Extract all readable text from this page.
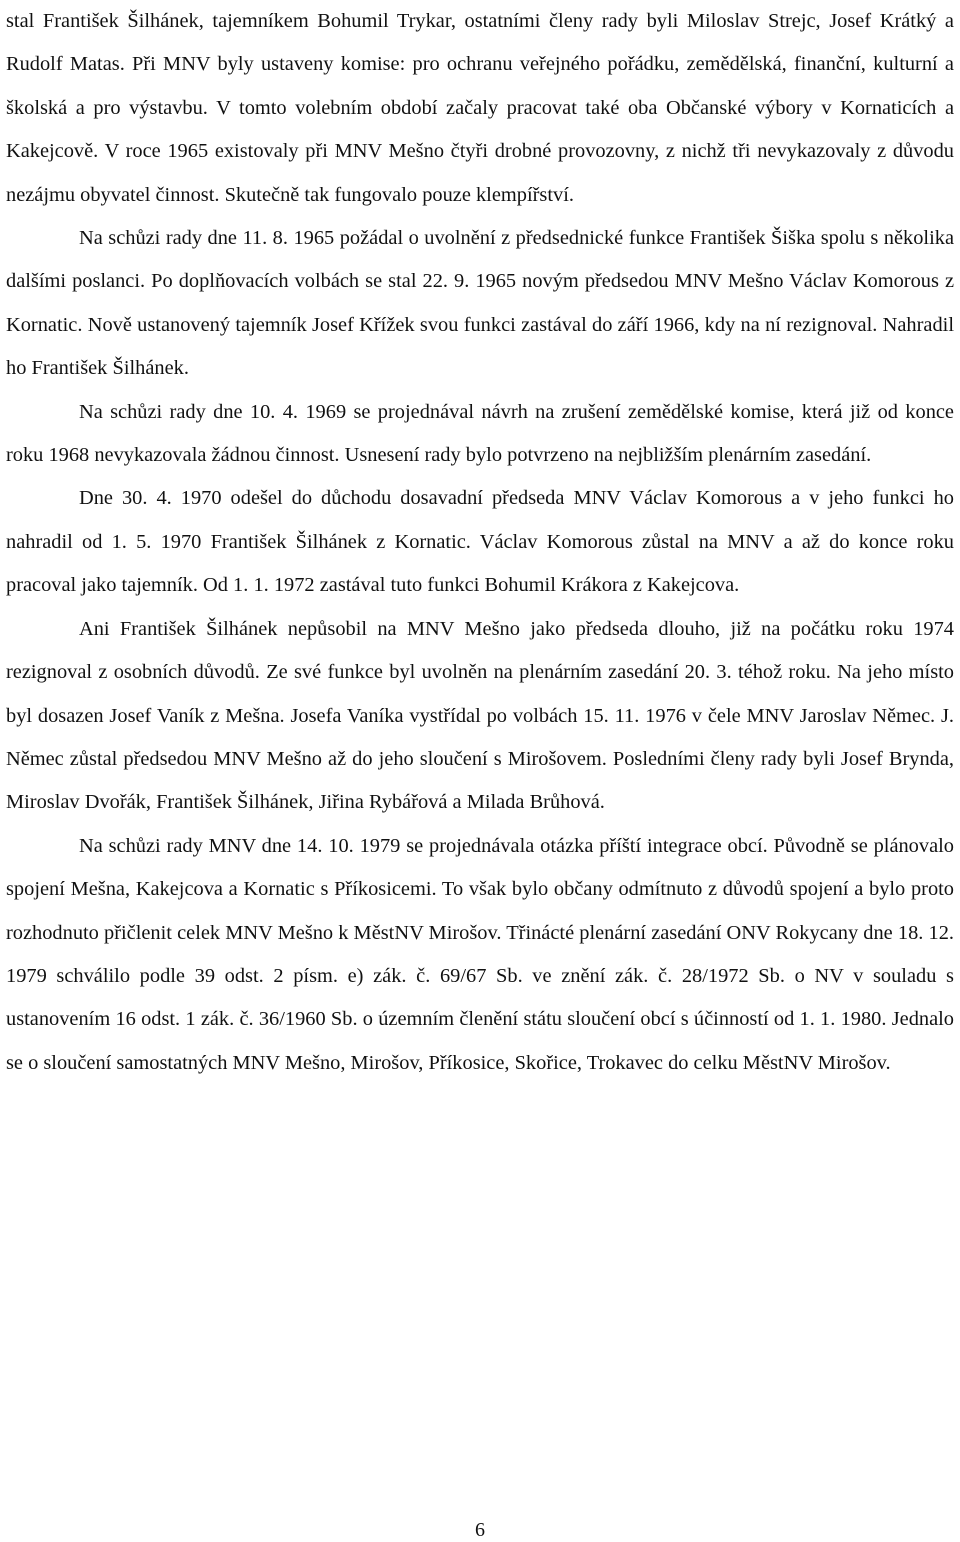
stal František Šilhánek, tajemníkem Bohumil Trykar, ostatními členy rady byli Miloslav Strejc, Josef Krátký a Rudolf Matas. Při MNV byly ustaveny komise: pro ochranu veřejného pořádku, zemědělská, finanční, kulturní a školská a pro výstavbu. V tomto volebním období začaly pracovat také oba Občanské výbory v Kornaticích a Kakejcově. V roce 1965 existovaly při MNV Mešno čtyři drobné provozovny, z nichž tři nevykazovaly z důvodu nezájmu obyvatel činnost. Skutečně tak fungovalo pouze klempířství.

Na schůzi rady dne 11. 8. 1965 požádal o uvolnění z předsednické funkce František Šiška spolu s několika dalšími poslanci. Po doplňovacích volbách se stal 22. 9. 1965 novým předsedou MNV Mešno Václav Komorous z Kornatic. Nově ustanovený tajemník Josef Křížek svou funkci zastával do září 1966, kdy na ní rezignoval. Nahradil ho František Šilhánek.

Na schůzi rady dne 10. 4. 1969 se projednával návrh na zrušení zemědělské komise, která již od konce roku 1968 nevykazovala žádnou činnost. Usnesení rady bylo potvrzeno na nejbližším plenárním zasedání.

Dne 30. 4. 1970 odešel do důchodu dosavadní předseda MNV Václav Komorous a v jeho funkci ho nahradil od 1. 5. 1970 František Šilhánek z Kornatic. Václav Komorous zůstal na MNV a až do konce roku pracoval jako tajemník. Od 1. 1. 1972 zastával tuto funkci Bohumil Krákora z Kakejcova.

Ani František Šilhánek nepůsobil na MNV Mešno jako předseda dlouho, již na počátku roku 1974 rezignoval z osobních důvodů. Ze své funkce byl uvolněn na plenárním zasedání 20. 3. téhož roku. Na jeho místo byl dosazen Josef Vaník z Mešna. Josefa Vaníka vystřídal po volbách 15. 11. 1976 v čele MNV Jaroslav Němec. J. Němec zůstal předsedou MNV Mešno až do jeho sloučení s Mirošovem. Posledními členy rady byli Josef Brynda, Miroslav Dvořák, František Šilhánek, Jiřina Rybářová a Milada Brůhová.

Na schůzi rady MNV dne 14. 10. 1979 se projednávala otázka příští integrace obcí. Původně se plánovalo spojení Mešna, Kakejcova a Kornatic s Příkosicemi. To však bylo občany odmítnuto z důvodů spojení a bylo proto rozhodnuto přičlenit celek MNV Mešno k MěstNV Mirošov. Třinácté plenární zasedání ONV Rokycany dne 18. 12. 1979 schválilo podle 39 odst. 2 písm. e) zák. č. 69/67 Sb. ve znění zák. č. 28/1972 Sb. o NV v souladu s ustanovením 16 odst. 1 zák. č. 36/1960 Sb. o územním členění státu sloučení obcí s účinností od 1. 1. 1980. Jednalo se o sloučení samostatných MNV Mešno, Mirošov, Příkosice, Skořice, Trokavec do celku MěstNV Mirošov.

6
